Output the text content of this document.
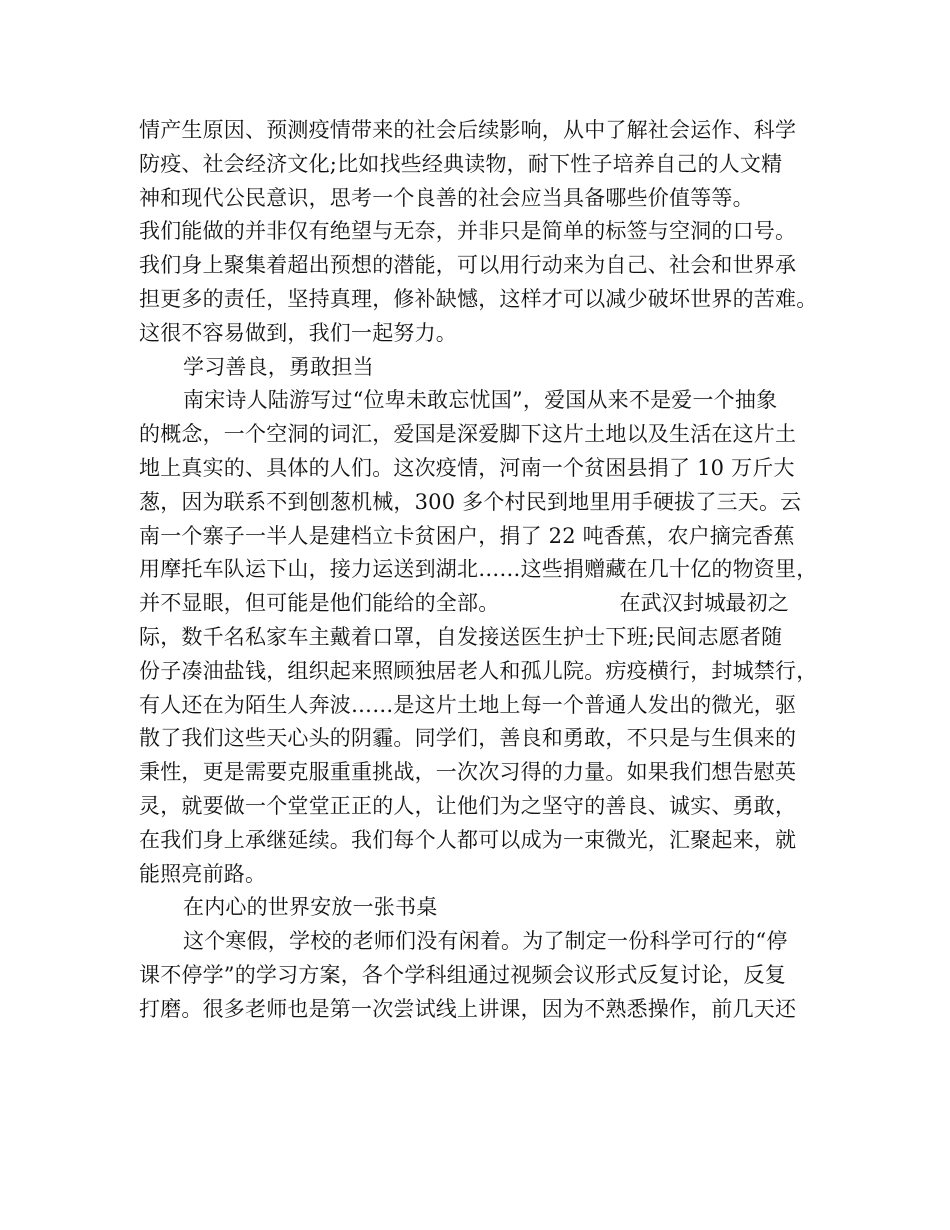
情产生原因、预测疫情带来的社会后续影响，从中了解社会运作、科学
防疫、社会经济文化;比如找些经典读物，耐下性子培养自己的人文精
神和现代公民意识，思考一个良善的社会应当具备哪些价值等等。
我们能做的并非仅有绝望与无奈，并非只是简单的标签与空洞的口号。
我们身上聚集着超出预想的潜能，可以用行动来为自己、社会和世界承
担更多的责任，坚持真理，修补缺憾，这样才可以减少破坏世界的苦难。
这很不容易做到，我们一起努力。
学习善良，勇敢担当
南宋诗人陆游写过“位卑未敢忘忧国”，爱国从来不是爱一个抽象
的概念，一个空洞的词汇，爱国是深爱脚下这片土地以及生活在这片土
地上真实的、具体的人们。这次疫情，河南一个贫困县捐了 10 万斤大
葱，因为联系不到刨葱机械，300 多个村民到地里用手硬拔了三天。云
南一个寨子一半人是建档立卡贫困户，捐了 22 吨香蕉，农户摘完香蕉
用摩托车队运下山，接力运送到湖北……这些捐赠藏在几十亿的物资里，
并不显眼，但可能是他们能给的全部。	在武汉封城最初之
际，数千名私家车主戴着口罩，自发接送医生护士下班;民间志愿者随
份子凑油盐钱，组织起来照顾独居老人和孤儿院。疠疫横行，封城禁行，
有人还在为陌生人奔波……是这片土地上每一个普通人发出的微光，驱
散了我们这些天心头的阴霾。同学们，善良和勇敢，不只是与生俱来的
秉性，更是需要克服重重挑战，一次次习得的力量。如果我们想告慰英
灵，就要做一个堂堂正正的人，让他们为之坚守的善良、诚实、勇敢，
在我们身上承继延续。我们每个人都可以成为一束微光，汇聚起来，就
能照亮前路。
在内心的世界安放一张书桌
这个寒假，学校的老师们没有闲着。为了制定一份科学可行的“停
课不停学”的学习方案，各个学科组通过视频会议形式反复讨论，反复
打磨。很多老师也是第一次尝试线上讲课，因为不熟悉操作，前几天还
